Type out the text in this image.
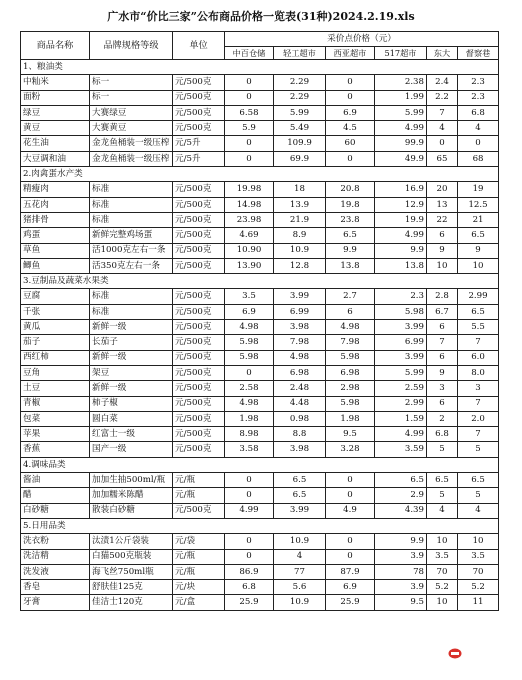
广水市“价比三家”公布商品价格一览表(31种)2024.2.19.xls
商品名称	品牌规格等级	单位	采价点价格（元）					
			中百仓储	轻工超市	西亚超市	517超市	东大	督察巷
1、粮油类								
中籼米	标一	元/500克	0	2.29	0	2.38	2.4	2.3
面粉	标一	元/500克	0	2.29	0	1.99	2.2	2.3
绿豆	大赛绿豆	元/500克	6.58	5.99	6.9	5.99	7	6.8
黄豆	大赛黄豆	元/500克	5.9	5.49	4.5	4.99	4	4
花生油	金龙鱼桶装一级压榨	元/5升	0	109.9	60	99.9	0	0
大豆调和油	金龙鱼桶装一级压榨	元/5升	0	69.9	0	49.9	65	68
2.肉禽蛋水产类								
精瘦肉	标准	元/500克	19.98	18	20.8	16.9	20	19
五花肉	标准	元/500克	14.98	13.9	19.8	12.9	13	12.5
猪排骨	标准	元/500克	23.98	21.9	23.8	19.9	22	21
鸡蛋	新鲜完整鸡场蛋	元/500克	4.69	8.9	6.5	4.99	6	6.5
草鱼	活1000克左右一条	元/500克	10.90	10.9	9.9	9.9	9	9
鲫鱼	活350克左右一条	元/500克	13.90	12.8	13.8	13.8	10	10
3.豆制品及蔬菜水果类								
豆腐	标准	元/500克	3.5	3.99	2.7	2.3	2.8	2.99
千张	标准	元/500克	6.9	6.99	6	5.98	6.7	6.5
黄瓜	新鲜一级	元/500克	4.98	3.98	4.98	3.99	6	5.5
茄子	长茄子	元/500克	5.98	7.98	7.98	6.99	7	7
西红柿	新鲜一级	元/500克	5.98	4.98	5.98	3.99	6	6.0
豆角	架豆	元/500克	0	6.98	6.98	5.99	9	8.0
土豆	新鲜一级	元/500克	2.58	2.48	2.98	2.59	3	3
青椒	柿子椒	元/500克	4.98	4.48	5.98	2.99	6	7
包菜	圆白菜	元/500克	1.98	0.98	1.98	1.59	2	2.0
苹果	红富士一级	元/500克	8.98	8.8	9.5	4.99	6.8	7
香蕉	国产一级	元/500克	3.58	3.98	3.28	3.59	5	5
4.调味品类								
酱油	加加生抽500ml/瓶	元/瓶	0	6.5	0	6.5	6.5	6.5
醋	加加糯米陈醋	元/瓶	0	6.5	0	2.9	5	5
白砂糖	散装白砂糖	元/500克	4.99	3.99	4.9	4.39	4	4
5.日用品类								
洗衣粉	汰渍1公斤袋装	元/袋	0	10.9	0	9.9	10	10
洗洁精	白猫500克瓶装	元/瓶	0	4	0	3.9	3.5	3.5
洗发液	海飞丝750ml瓶	元/瓶	86.9	77	87.9	78	70	70
香皂	舒肤佳125克	元/块	6.8	5.6	6.9	3.9	5.2	5.2
牙膏	佳洁士120克	元/盒	25.9	10.9	25.9	9.5	10	11
